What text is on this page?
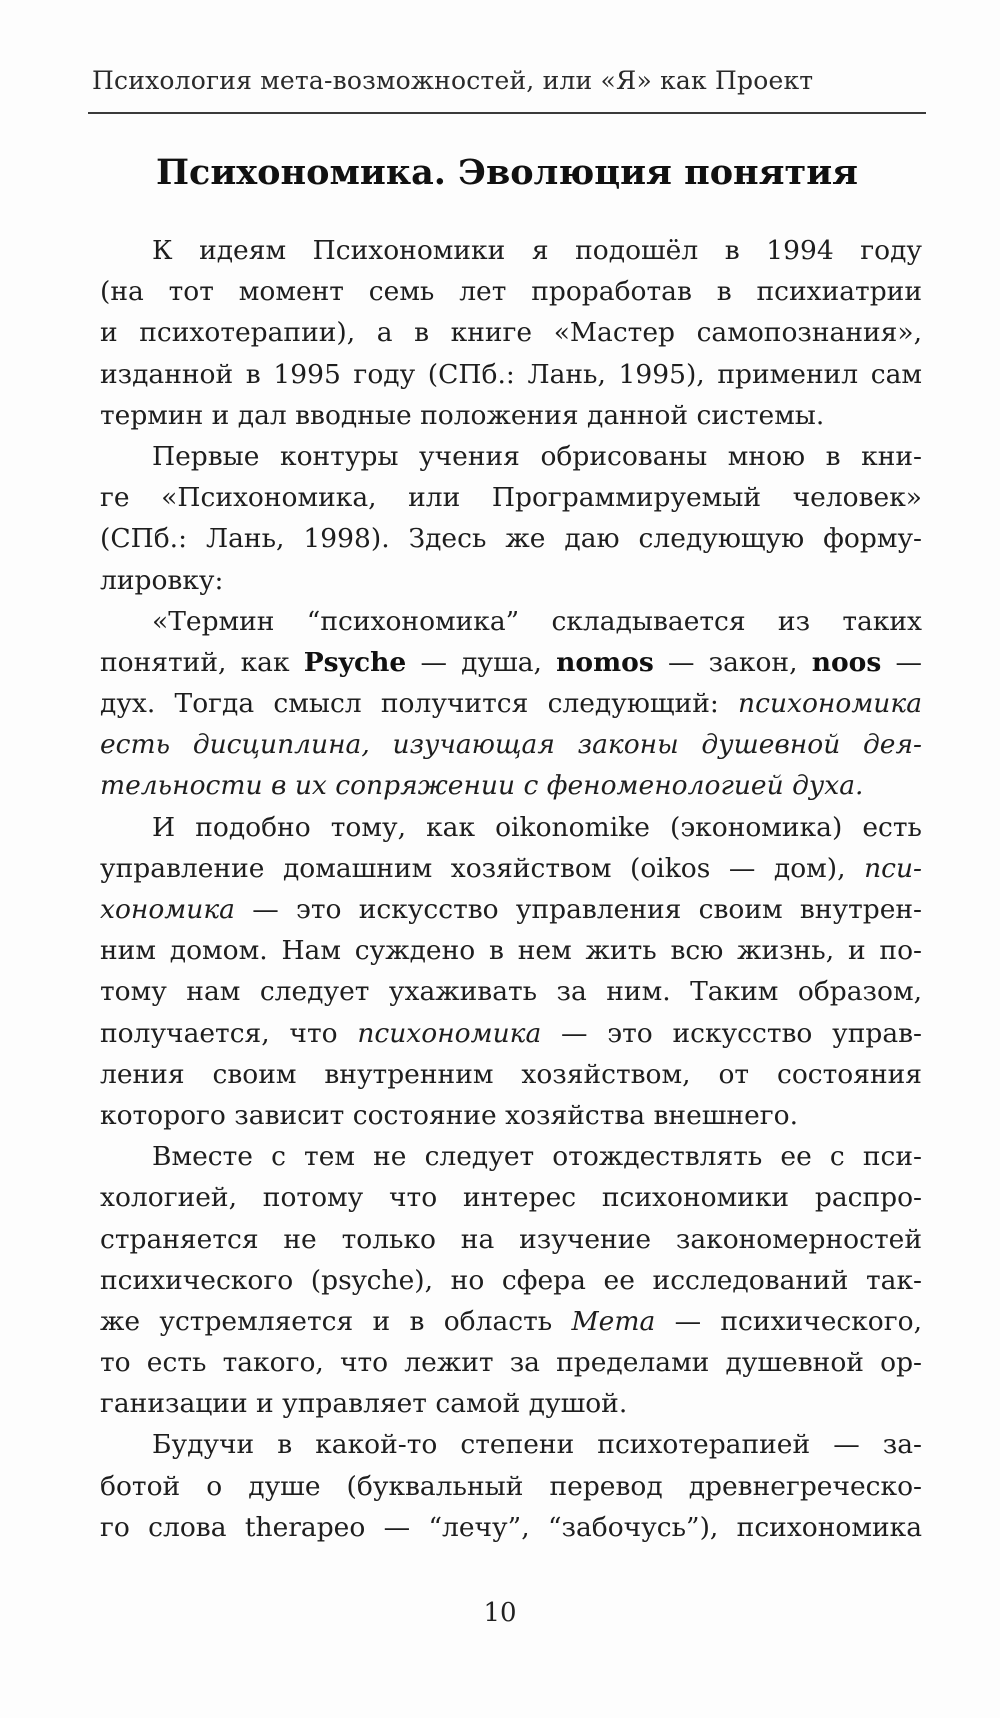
Психология мета-возможностей, или «Я» как Проект
Психономика. Эволюция понятия
К идеям Психономики я подошёл в 1994 году
(на тот момент семь лет проработав в психиатрии
и психотерапии), а в книге «Мастер самопознания»,
изданной в 1995 году (СПб.: Лань, 1995), применил сам
термин и дал вводные положения данной системы.
Первые контуры учения обрисованы мною в кни-
ге «Психономика, или Программируемый человек»
(СПб.: Лань, 1998). Здесь же даю следующую форму-
лировку:
«Термин “психономика” складывается из таких
понятий, как Psyche — душа, nomos — закон, noos —
дух. Тогда смысл получится следующий: психономика
есть дисциплина, изучающая законы душевной дея-
тельности в их сопряжении с феноменологией духа.
И подобно тому, как oikonomike (экономика) есть
управление домашним хозяйством (oikos — дом), пси-
хономика — это искусство управления своим внутрен-
ним домом. Нам суждено в нем жить всю жизнь, и по-
тому нам следует ухаживать за ним. Таким образом,
получается, что психономика — это искусство управ-
ления своим внутренним хозяйством, от состояния
которого зависит состояние хозяйства внешнего.
Вместе с тем не следует отождествлять ее с пси-
хологией, потому что интерес психономики распро-
страняется не только на изучение закономерностей
психического (psyche), но сфера ее исследований так-
же устремляется и в область Мета — психического,
то есть такого, что лежит за пределами душевной ор-
ганизации и управляет самой душой.
Будучи в какой-то степени психотерапией — за-
ботой о душе (буквальный перевод древнегреческо-
го слова therapeo — “лечу”, “забочусь”), психономика
10
